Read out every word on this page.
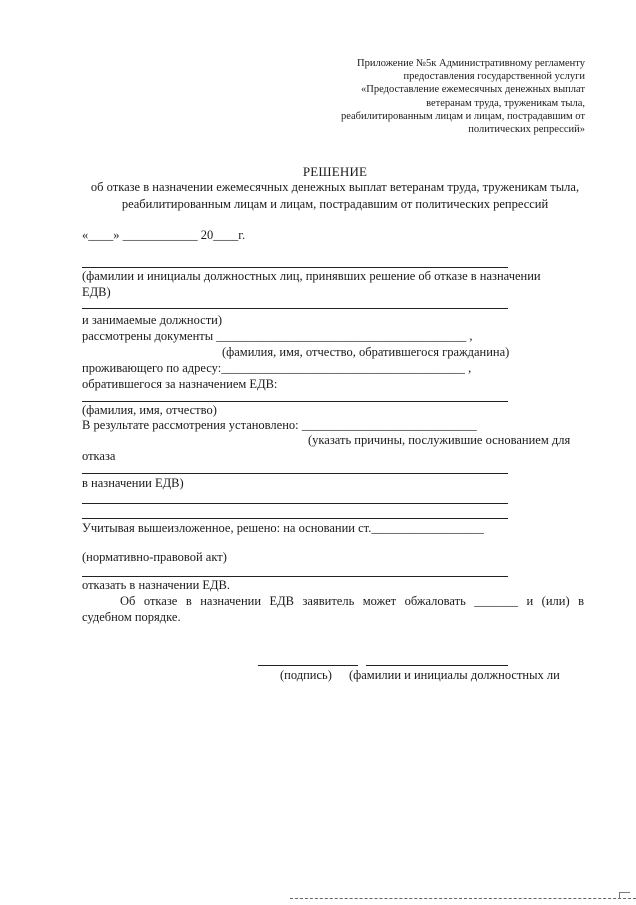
Приложение №5к Административному регламенту
предоставления государственной услуги
«Предоставление ежемесячных денежных выплат
ветеранам труда, труженикам тыла,
реабилитированным лицам и лицам, пострадавшим от
политических репрессий»
РЕШЕНИЕ
об отказе в назначении ежемесячных денежных выплат ветеранам труда, труженикам тыла, реабилитированным лицам и лицам, пострадавшим от политических репрессий
«____» ____________ 20____г.
(фамилии и инициалы должностных лиц, принявших решение об отказе в назначении
ЕДВ)
и занимаемые должности)
рассмотрены документы ________________________________________ ,
(фамилия, имя, отчество, обратившегося гражданина)
проживающего по адресу:_______________________________________ ,
обратившегося за назначением ЕДВ:
(фамилия, имя, отчество)
В результате рассмотрения установлено: ____________________________
(указать причины, послужившие основанием для
отказа
в назначении ЕДВ)
Учитывая вышеизложенное, решено: на основании ст.__________________
(нормативно-правовой акт)
отказать в назначении ЕДВ.
Об отказе в назначении ЕДВ заявитель может обжаловать _______ и (или) в
судебном порядке.
(подпись) (фамилии и инициалы должностных ли
